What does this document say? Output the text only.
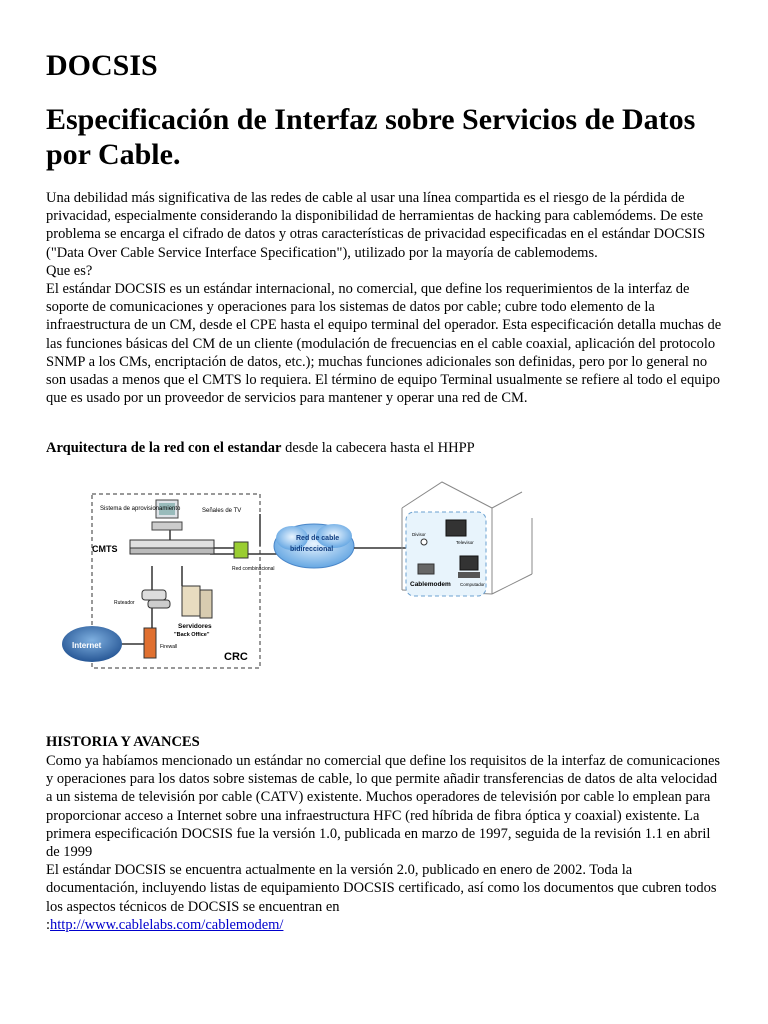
DOCSIS
Especificación de Interfaz sobre Servicios de Datos por Cable.

Una debilidad más significativa de las redes de cable al usar una línea compartida es el riesgo de la pérdida de privacidad, especialmente considerando la disponibilidad de herramientas de hacking para cablemódems. De este problema se encarga el cifrado de datos y otras características de privacidad especificadas en el estándar DOCSIS ("Data Over Cable Service Interface Specification"), utilizado por la mayoría de cablemodems.

Que es?

El estándar DOCSIS es un estándar internacional, no comercial, que define los requerimientos de la interfaz de soporte de comunicaciones y operaciones para los sistemas de datos por cable; cubre todo elemento de la infraestructura de un CM, desde el CPE hasta el equipo terminal del operador. Esta especificación detalla muchas de las funciones básicas del CM de un cliente (modulación de frecuencias en el cable coaxial, aplicación del protocolo SNMP a los CMs, encriptación de datos, etc.); muchas funciones adicionales son definidas, pero por lo general no son usadas a menos que el CMTS lo requiera. El término de equipo Terminal usualmente se refiere al todo el equipo que es usado por un proveedor de servicios para mantener y operar una red de CM.

Arquitectura de la red con el estandar desde la cabecera hasta el HHPP

HISTORIA Y AVANCES

Como ya habíamos mencionado un estándar no comercial que define los requisitos de la interfaz de comunicaciones y operaciones para los datos sobre sistemas de cable, lo que permite añadir transferencias de datos de alta velocidad a un sistema de televisión por cable (CATV) existente. Muchos operadores de televisión por cable lo emplean para proporcionar acceso a Internet sobre una infraestructura HFC (red híbrida de fibra óptica y coaxial) existente. La primera especificación DOCSIS fue la versión 1.0, publicada en marzo de 1997, seguida de la revisión 1.1 en abril de 1999

El estándar DOCSIS se encuentra actualmente en la versión 2.0, publicado en enero de 2002. Toda la documentación, incluyendo listas de equipamiento DOCSIS certificado, así como los documentos que cubren todos los aspectos técnicos de DOCSIS se encuentran en

:http://www.cablelabs.com/cablemodem/

Sistema de aprovisionamiento	Señales de TV
CMTS
Red combinacional
Ruteador
Servidores
"Back Office"
Firewall
Internet
CRC
Red de cable
bidireccional
Televisor
Divisor
Cablemodem Computador
